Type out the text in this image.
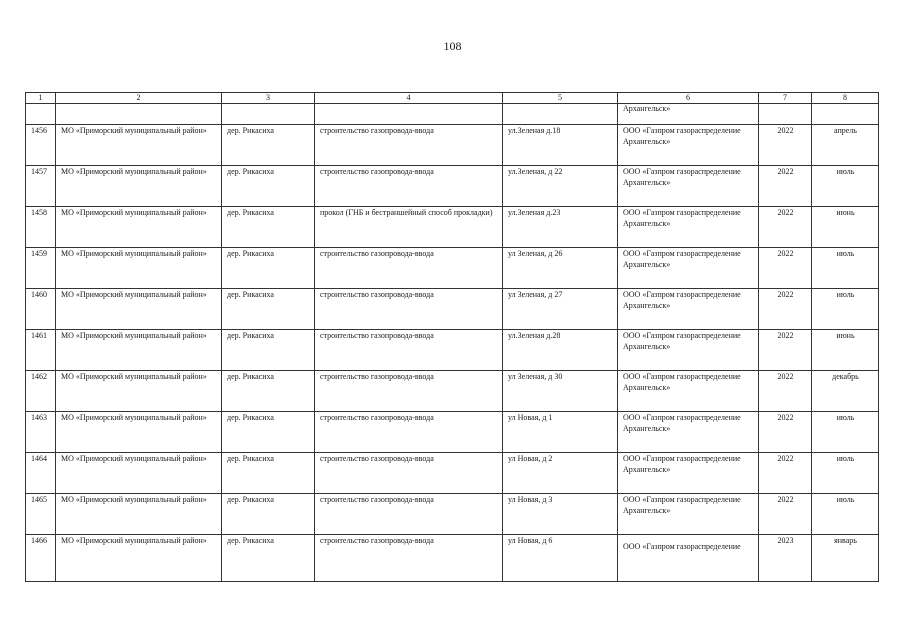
108
1	2	3	4	5	6	7	8
					Архангельск»		
1456	МО «Приморский муниципальный район»	дер. Рикасиха	строительство газопровода-ввода	ул.Зеленая д.18	ООО «Газпром газораспределение Архангельск»	2022	апрель
1457	МО «Приморский муниципальный район»	дер. Рикасиха	строительство газопровода-ввода	ул.Зеленая, д 22	ООО «Газпром газораспределение Архангельск»	2022	июль
1458	МО «Приморский муниципальный район»	дер. Рикасиха	прокол (ГНБ и бестраншейный способ прокладки)	ул.Зеленая д.23	ООО «Газпром газораспределение Архангельск»	2022	июнь
1459	МО «Приморский муниципальный район»	дер. Рикасиха	строительство газопровода-ввода	ул Зеленая, д 26	ООО «Газпром газораспределение Архангельск»	2022	июль
1460	МО «Приморский муниципальный район»	дер. Рикасиха	строительство газопровода-ввода	ул Зеленая, д 27	ООО «Газпром газораспределение Архангельск»	2022	июль
1461	МО «Приморский муниципальный район»	дер. Рикасиха	строительство газопровода-ввода	ул.Зеленая д.28	ООО «Газпром газораспределение Архангельск»	2022	июнь
1462	МО «Приморский муниципальный район»	дер. Рикасиха	строительство газопровода-ввода	ул Зеленая, д 30	ООО «Газпром газораспределение Архангельск»	2022	декабрь
1463	МО «Приморский муниципальный район»	дер. Рикасиха	строительство газопровода-ввода	ул Новая, д 1	ООО «Газпром газораспределение Архангельск»	2022	июль
1464	МО «Приморский муниципальный район»	дер. Рикасиха	строительство газопровода-ввода	ул Новая, д 2	ООО «Газпром газораспределение Архангельск»	2022	июль
1465	МО «Приморский муниципальный район»	дер. Рикасиха	строительство газопровода-ввода	ул Новая, д 3	ООО «Газпром газораспределение Архангельск»	2022	июль
1466	МО «Приморский муниципальный район»	дер. Рикасиха	строительство газопровода-ввода	ул Новая, д 6	ООО «Газпром газораспределение	2023	январь
